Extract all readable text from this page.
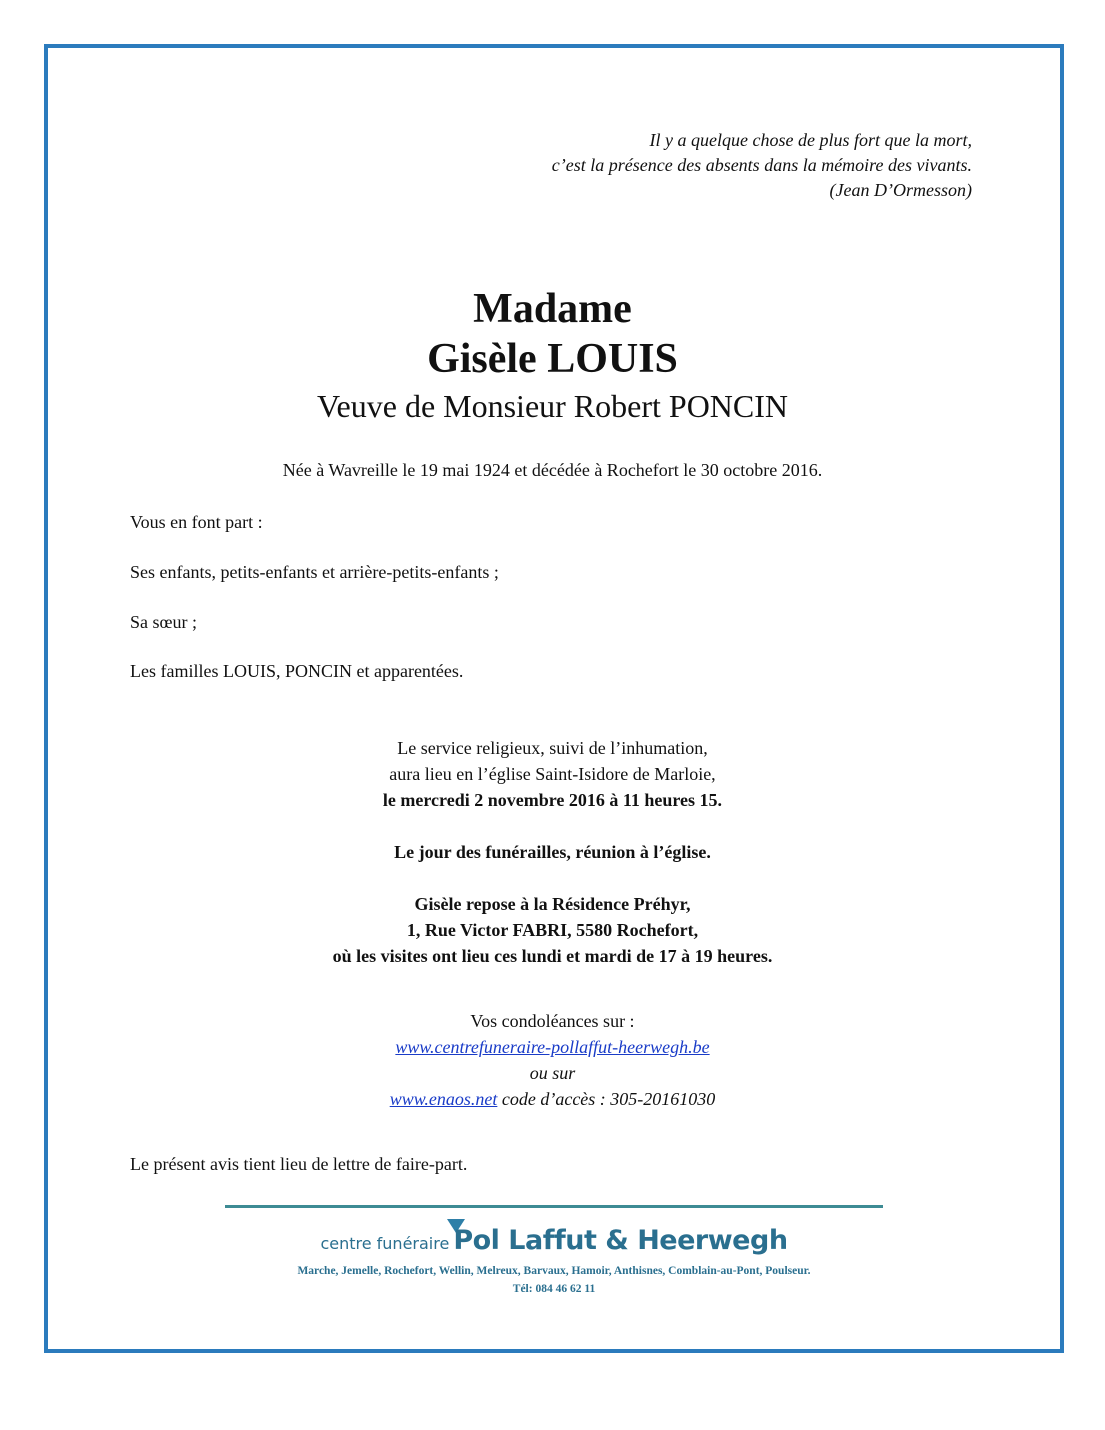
Il y a quelque chose de plus fort que la mort,
c’est la présence des absents dans la mémoire des vivants.
(Jean D’Ormesson)
Madame
Gisèle LOUIS
Veuve de Monsieur Robert PONCIN
Née à Wavreille le 19 mai 1924 et décédée à Rochefort le 30 octobre 2016.
Vous en font part :
Ses enfants, petits-enfants et arrière-petits-enfants ;
Sa sœur ;
Les familles LOUIS, PONCIN et apparentées.
Le service religieux, suivi de l’inhumation,
aura lieu en l’église Saint-Isidore de Marloie,
le mercredi 2 novembre 2016 à 11 heures 15.
Le jour des funérailles, réunion à l’église.
Gisèle repose à la Résidence Préhyr,
1, Rue Victor FABRI, 5580 Rochefort,
où les visites ont lieu ces lundi et mardi de 17 à 19 heures.
Vos condoléances sur :
www.centrefuneraire-pollaffut-heerwegh.be
ou sur
www.enaos.net code d’accès : 305-20161030
Le présent avis tient lieu de lettre de faire-part.
centre funéraire Pol Laffut & Heerwegh
Marche, Jemelle, Rochefort, Wellin, Melreux, Barvaux, Hamoir, Anthisnes, Comblain-au-Pont, Poulseur.
Tél: 084 46 62 11
